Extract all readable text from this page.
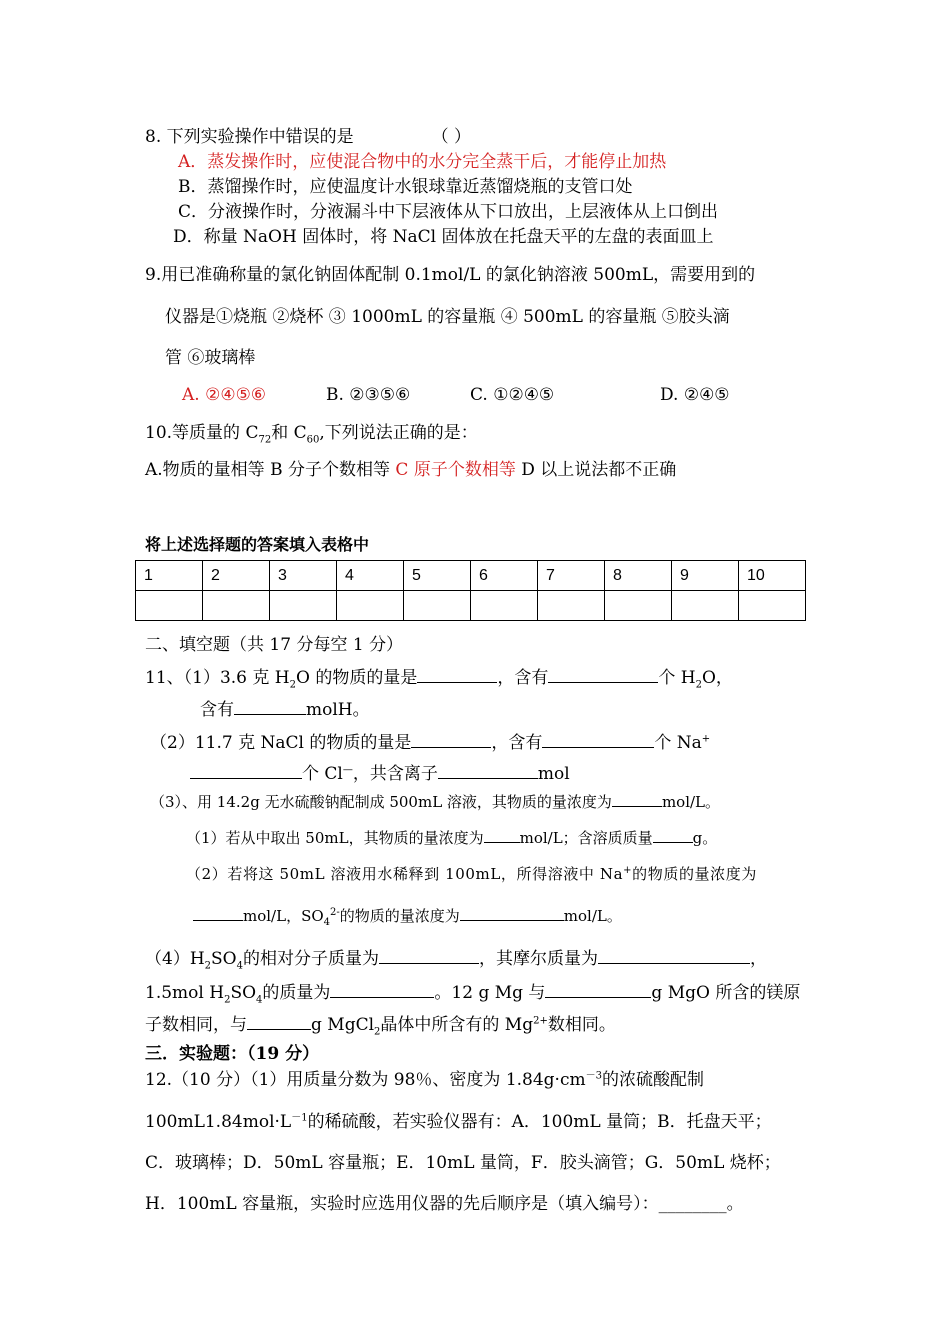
8. 下列实验操作中错误的是	（ ）
A．蒸发操作时，应使混合物中的水分完全蒸干后，才能停止加热
B．蒸馏操作时，应使温度计水银球靠近蒸馏烧瓶的支管口处
C．分液操作时，分液漏斗中下层液体从下口放出，上层液体从上口倒出
D．称量 NaOH 固体时，将 NaCl 固体放在托盘天平的左盘的表面皿上
9.用已准确称量的氯化钠固体配制 0.1mol/L 的氯化钠溶液 500mL，需要用到的
仪器是①烧瓶 ②烧杯 ③ 1000mL 的容量瓶 ④ 500mL 的容量瓶 ⑤胶头滴
管 ⑥玻璃棒
A. ②④⑤⑥	B. ②③⑤⑥	C. ①②④⑤	D. ②④⑤
10.等质量的 $C_{72}$和 $C_{60}$,下列说法正确的是：
A.物质的量相等 B 分子个数相等 C 原子个数相等 D 以上说法都不正确
将上述选择题的答案填入表格中
1	2	3	4	5	6	7	8	9	10

二、填空题（共 17 分每空 1 分）
11、（1）3.6 克 $H_2O$ 的物质的量是	，含有	个 $H_2O$，
含有	molH。
（2）11.7 克 NaCl 的物质的量是	，含有	个 Na+
个 Cl—，共含离子	mol
（3）、用 14.2g 无水硫酸钠配制成 500mL 溶液，其物质的量浓度为	mol/L。
（1）若从中取出 50mL，其物质的量浓度为 mol/L；含溶质质量	g。
（2）若将这 50mL 溶液用水稀释到 100mL，所得溶液中 Na+的物质的量浓度为
mol/L，$SO_4^{2-}$的物质的量浓度为	mol/L。
$(4)H_2SO_4$的相对分子质量为	，其摩尔质量为	，
1.5mol $H_2SO_4$的质量为	。12 g Mg 与	g MgO 所含的镁原
子数相同，与	g MgCl$_2$晶体中所含有的 $Mg^{2+}$数相同。
三．实验题：（19 分）
12.（10 分）（1）用质量分数为 98％、密度为 $1.84g\cdot cm^{-3}$的浓硫酸配制
$100mL1.84mol\cdot L^{-1}$的稀硫酸，若实验仪器有：A．100mL 量筒；B．托盘天平；
C．玻璃棒；D．50mL 容量瓶；E．10mL 量筒，F．胶头滴管；G．50mL 烧杯；
H．100mL 容量瓶，实验时应选用仪器的先后顺序是（填入编号）：________。
